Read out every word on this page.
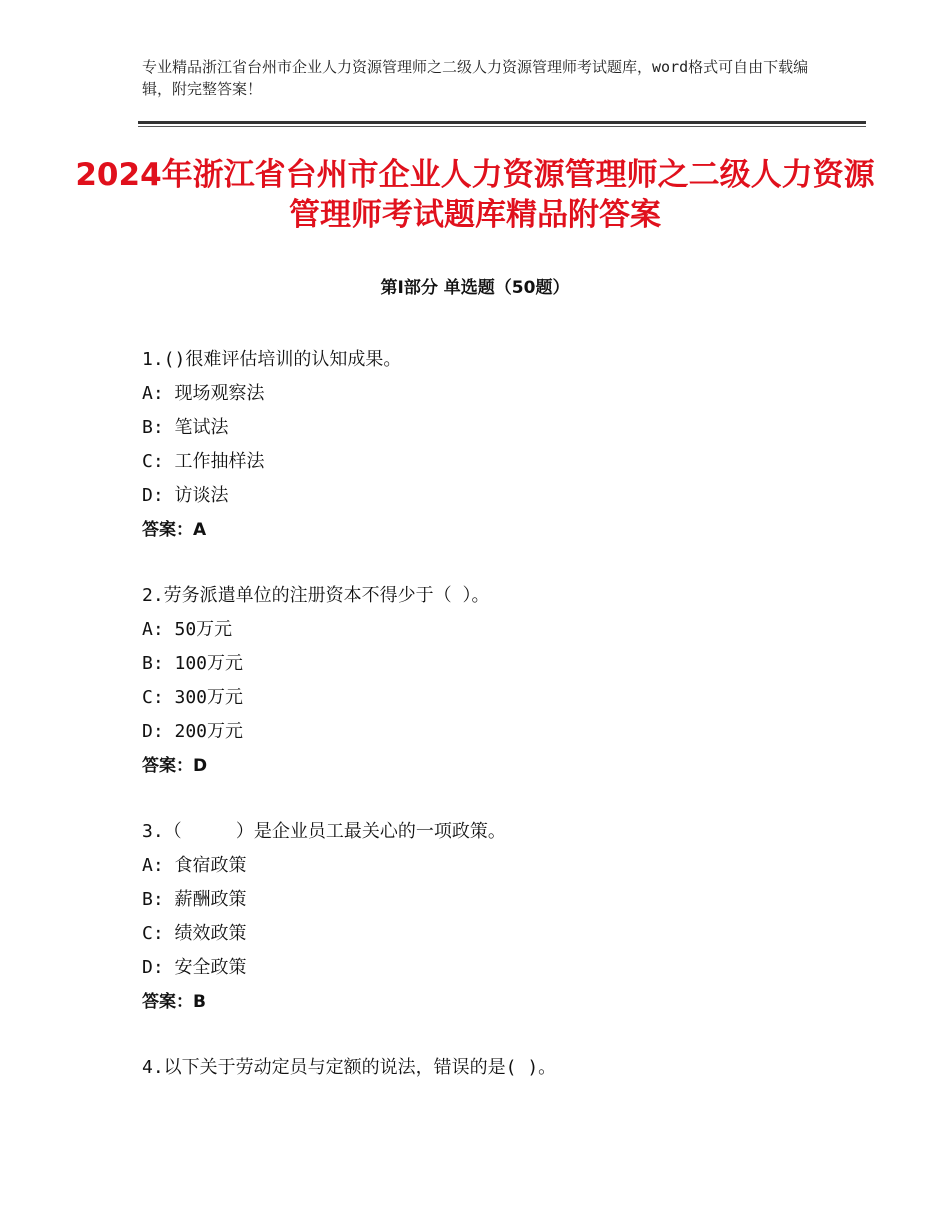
专业精品浙江省台州市企业人力资源管理师之二级人力资源管理师考试题库，word格式可自由下载编辑，附完整答案！
2024年浙江省台州市企业人力资源管理师之二级人力资源管理师考试题库精品附答案
第Ⅰ部分 单选题（50题）
1.()很难评估培训的认知成果。
A: 现场观察法
B: 笔试法
C: 工作抽样法
D: 访谈法
答案：A
2.劳务派遣单位的注册资本不得少于（ ）。
A: 50万元
B: 100万元
C: 300万元
D: 200万元
答案：D
3.（     ）是企业员工最关心的一项政策。
A: 食宿政策
B: 薪酬政策
C: 绩效政策
D: 安全政策
答案：B
4.以下关于劳动定员与定额的说法，错误的是( )。
